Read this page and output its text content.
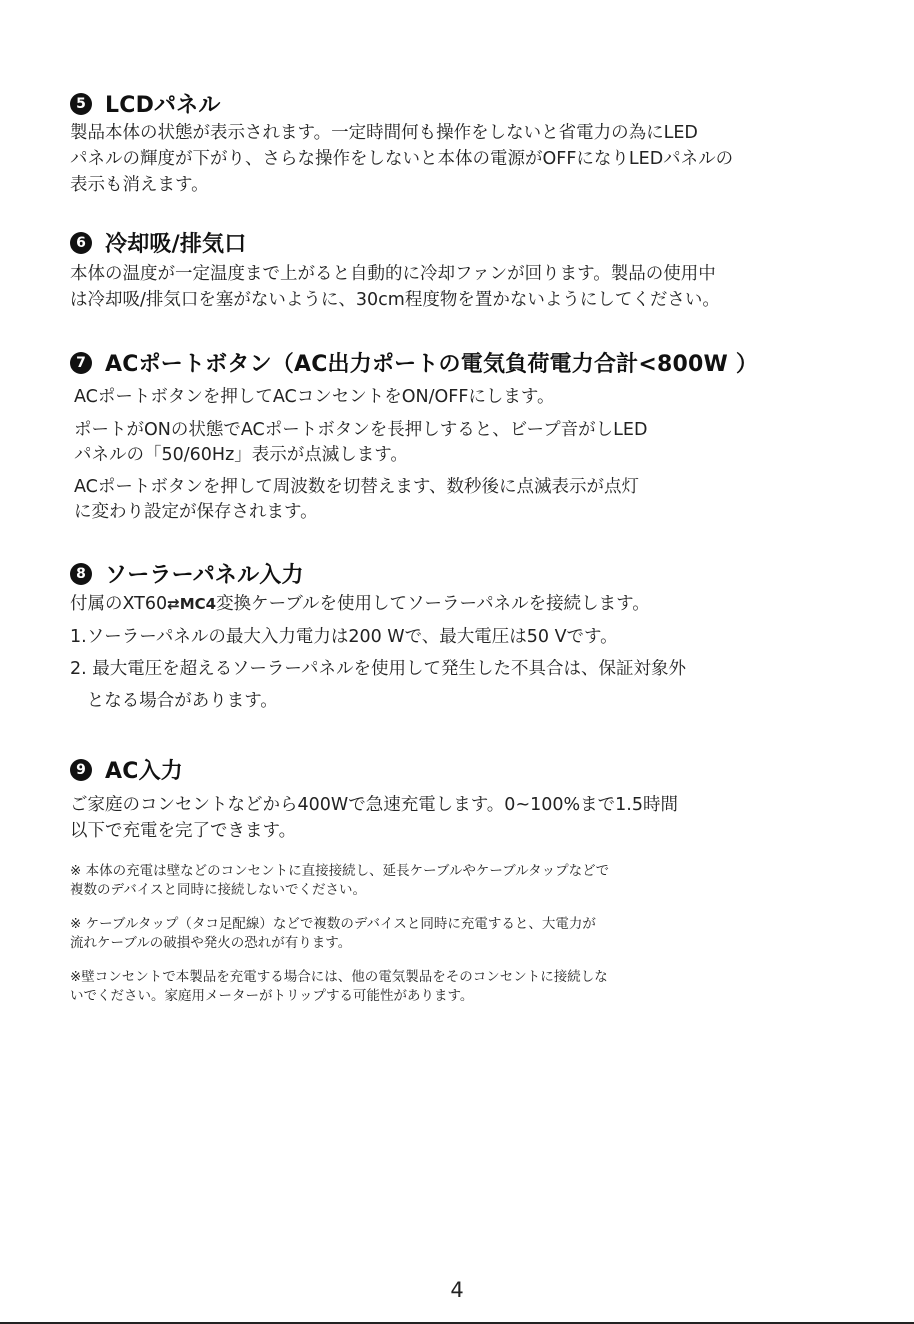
5 LCDパネル
製品本体の状態が表示されます。一定時間何も操作をしないと省電力の為にLED
パネルの輝度が下がり、さらな操作をしないと本体の電源がOFFになりLEDパネルの
表示も消えます。
6 冷却吸/排気口
本体の温度が一定温度まで上がると自動的に冷却ファンが回ります。製品の使用中
は冷却吸/排気口を塞がないように、30cm程度物を置かないようにしてください。
7 ACポートボタン（AC出力ポートの電気負荷電力合計<800W ）
ACポートボタンを押してACコンセントをON/OFFにします。
ポートがONの状態でACポートボタンを長押しすると、ビープ音がしLED
パネルの「50/60Hz」表示が点滅します。
ACポートボタンを押して周波数を切替えます、数秒後に点滅表示が点灯
に変わり設定が保存されます。
8 ソーラーパネル入力
付属のXT60⇄MC4変換ケーブルを使用してソーラーパネルを接続します。
1.ソーラーパネルの最大入力電力は200 Wで、最大電圧は50 Vです。
2. 最大電圧を超えるソーラーパネルを使用して発生した不具合は、保証対象外
となる場合があります。
9 AC入力
ご家庭のコンセントなどから400Wで急速充電します。0~100%まで1.5時間
以下で充電を完了できます。
※ 本体の充電は壁などのコンセントに直接接続し、延長ケーブルやケーブルタップなどで
複数のデバイスと同時に接続しないでください。
※ ケーブルタップ（タコ足配線）などで複数のデバイスと同時に充電すると、大電力が
流れケーブルの破損や発火の恐れが有ります。
※壁コンセントで本製品を充電する場合には、他の電気製品をそのコンセントに接続しな
いでください。家庭用メーターがトリップする可能性があります。
4
